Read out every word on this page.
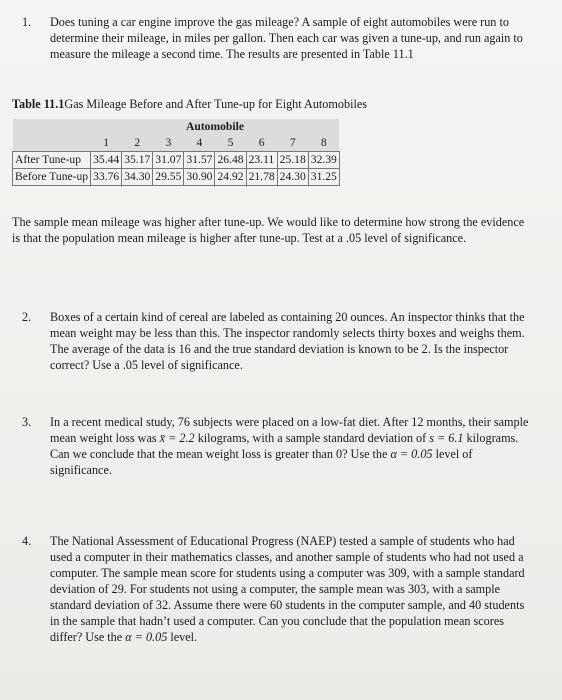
1.	Does tuning a car engine improve the gas mileage? A sample of eight automobiles were run to determine their mileage, in miles per gallon. Then each car was given a tune-up, and run again to measure the mileage a second time. The results are presented in Table 11.1

Table 11.1Gas Mileage Before and After Tune-up for Eight Automobiles
	Automobile							
	1	2	3	4	5	6	7	8
After Tune-up	35.44	35.17	31.07	31.57	26.48	23.11	25.18	32.39
Before Tune-up	33.76	34.30	29.55	30.90	24.92	21.78	24.30	31.25

The sample mean mileage was higher after tune-up. We would like to determine how strong the evidence is that the population mean mileage is higher after tune-up. Test at a .05 level of significance.

2.	Boxes of a certain kind of cereal are labeled as containing 20 ounces. An inspector thinks that the mean weight may be less than this. The inspector randomly selects thirty boxes and weighs them. The average of the data is 16 and the true standard deviation is known to be 2. Is the inspector correct? Use a .05 level of significance.

3.	In a recent medical study, 76 subjects were placed on a low-fat diet. After 12 months, their sample mean weight loss was x̄ = 2.2 kilograms, with a sample standard deviation of s = 6.1 kilograms. Can we conclude that the mean weight loss is greater than 0? Use the α = 0.05 level of significance.

4.	The National Assessment of Educational Progress (NAEP) tested a sample of students who had used a computer in their mathematics classes, and another sample of students who had not used a computer. The sample mean score for students using a computer was 309, with a sample standard deviation of 29. For students not using a computer, the sample mean was 303, with a sample standard deviation of 32. Assume there were 60 students in the computer sample, and 40 students in the sample that hadn’t used a computer. Can you conclude that the population mean scores differ? Use the α = 0.05 level.
